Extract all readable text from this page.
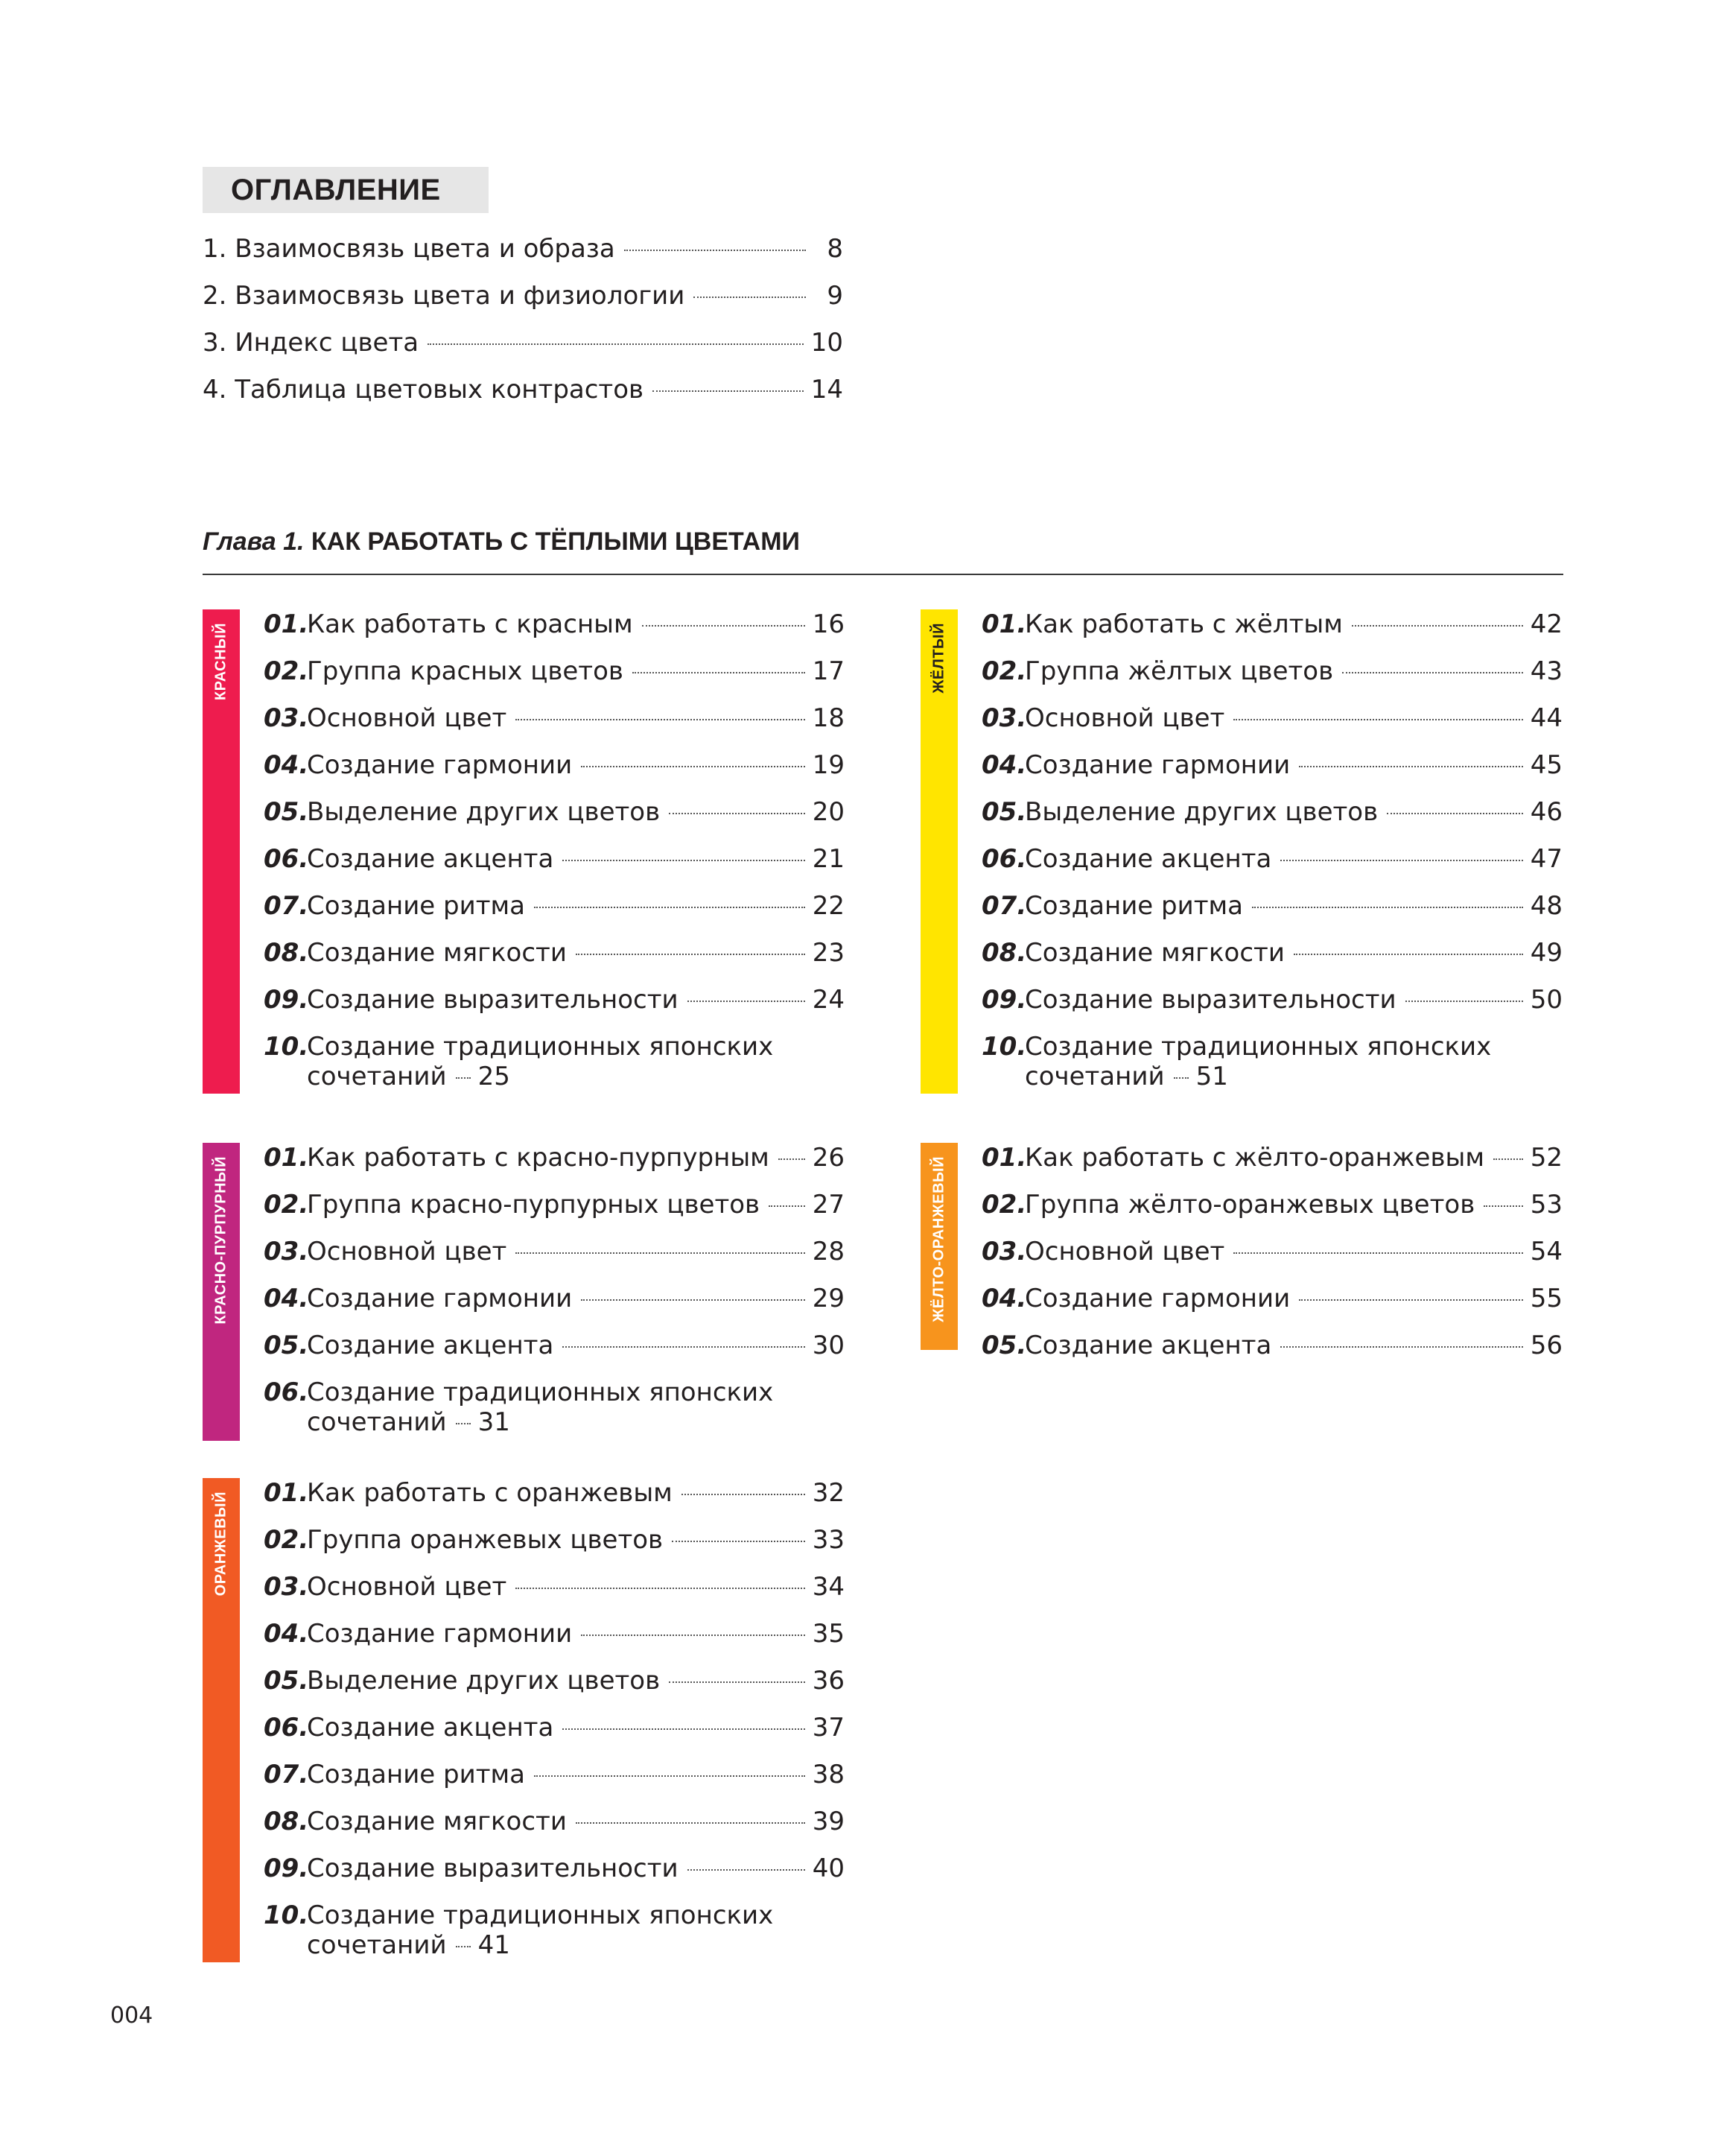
ОГЛАВЛЕНИЕ
1. Взаимосвязь цвета и образа	8
2. Взаимосвязь цвета и физиологии	9
3. Индекс цвета	10
4. Таблица цветовых контрастов	14
Глава 1. КАК РАБОТАТЬ С ТЁПЛЫМИ ЦВЕТАМИ
КРАСНЫЙ 01.
Как работать с красным	16
02.
Группа красных цветов	17
03.
Основной цвет	18
04.
Создание гармонии	19
05.
Выделение других цветов	20
06.
Создание акцента	21
07.
Создание ритма	22
08.
Создание мягкости	23
09.
Создание выразительности	24
10.Создание традиционных японских
сочетаний 25
КРАСНО-ПУРПУРНЫЙ 01.
Как работать с красно-пурпурным 26
02.
Группа красно-пурпурных цветов 27
03.
Основной цвет	28
04.
Создание гармонии	29
05.
Создание акцента	30
06.Создание традиционных японских
сочетаний 31
ОРАНЖЕВЫЙ 01.
Как работать с оранжевым	32
02.
Группа оранжевых цветов	33
03.
Основной цвет	34
04.
Создание гармонии	35
05.
Выделение других цветов	36
06.
Создание акцента	37
07.
Создание ритма	38
08.
Создание мягкости	39
09.
Создание выразительности	40
10.Создание традиционных японских
сочетаний 41
ЖЁЛТЫЙ 01.
Как работать с жёлтым	42
02.
Группа жёлтых цветов	43
03.
Основной цвет	44
04.
Создание гармонии	45
05.
Выделение других цветов	46
06.
Создание акцента	47
07.
Создание ритма	48
08.
Создание мягкости	49
09.
Создание выразительности	50
10.Создание традиционных японских
сочетаний 51
ЖЁЛТО-ОРАНЖЕВЫЙ 01.
Как работать с жёлто-оранжевым 52
02.
Группа жёлто-оранжевых цветов 53
03.
Основной цвет	54
04.
Создание гармонии	55
05.
Создание акцента	56
004
